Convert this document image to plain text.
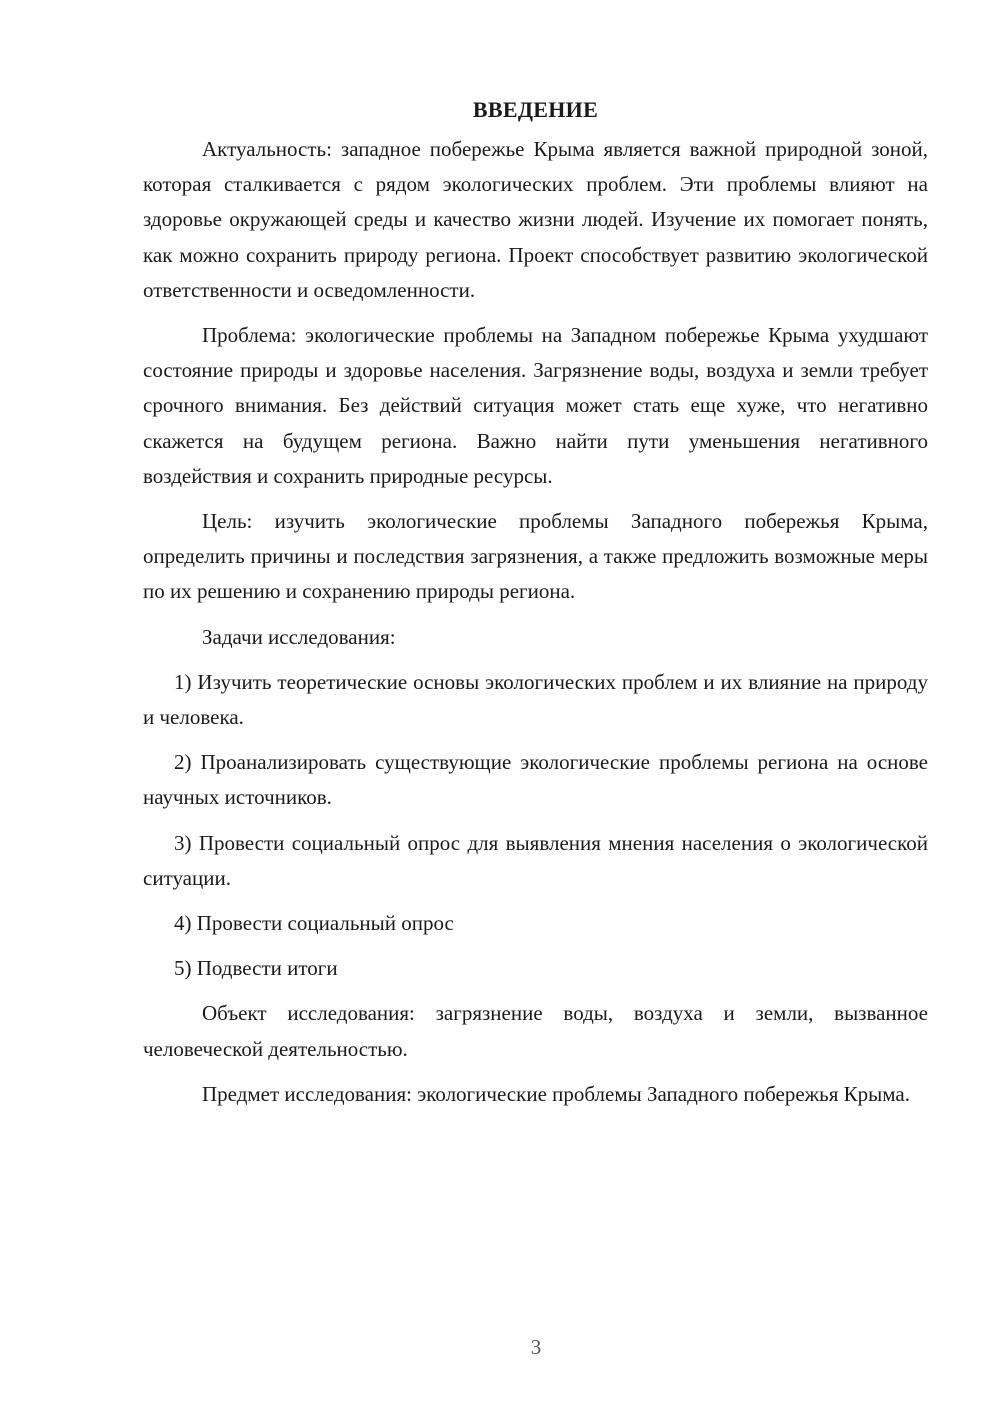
ВВЕДЕНИЕ

Актуальность: западное побережье Крыма является важной природной зоной, которая сталкивается с рядом экологических проблем. Эти проблемы влияют на здоровье окружающей среды и качество жизни людей. Изучение их помогает понять, как можно сохранить природу региона. Проект способствует развитию экологической ответственности и осведомленности.

Проблема: экологические проблемы на Западном побережье Крыма ухудшают состояние природы и здоровье населения. Загрязнение воды, воздуха и земли требует срочного внимания. Без действий ситуация может стать еще хуже, что негативно скажется на будущем региона. Важно найти пути уменьшения негативного воздействия и сохранить природные ресурсы.

Цель: изучить экологические проблемы Западного побережья Крыма, определить причины и последствия загрязнения, а также предложить возможные меры по их решению и сохранению природы региона.

Задачи исследования:

1) Изучить теоретические основы экологических проблем и их влияние на природу и человека.

2) Проанализировать существующие экологические проблемы региона на основе научных источников.

3) Провести социальный опрос для выявления мнения населения о экологической ситуации.

4) Провести социальный опрос

5) Подвести итоги

Объект исследования: загрязнение воды, воздуха и земли, вызванное человеческой деятельностью.

Предмет исследования: экологические проблемы Западного побережья Крыма.

3
